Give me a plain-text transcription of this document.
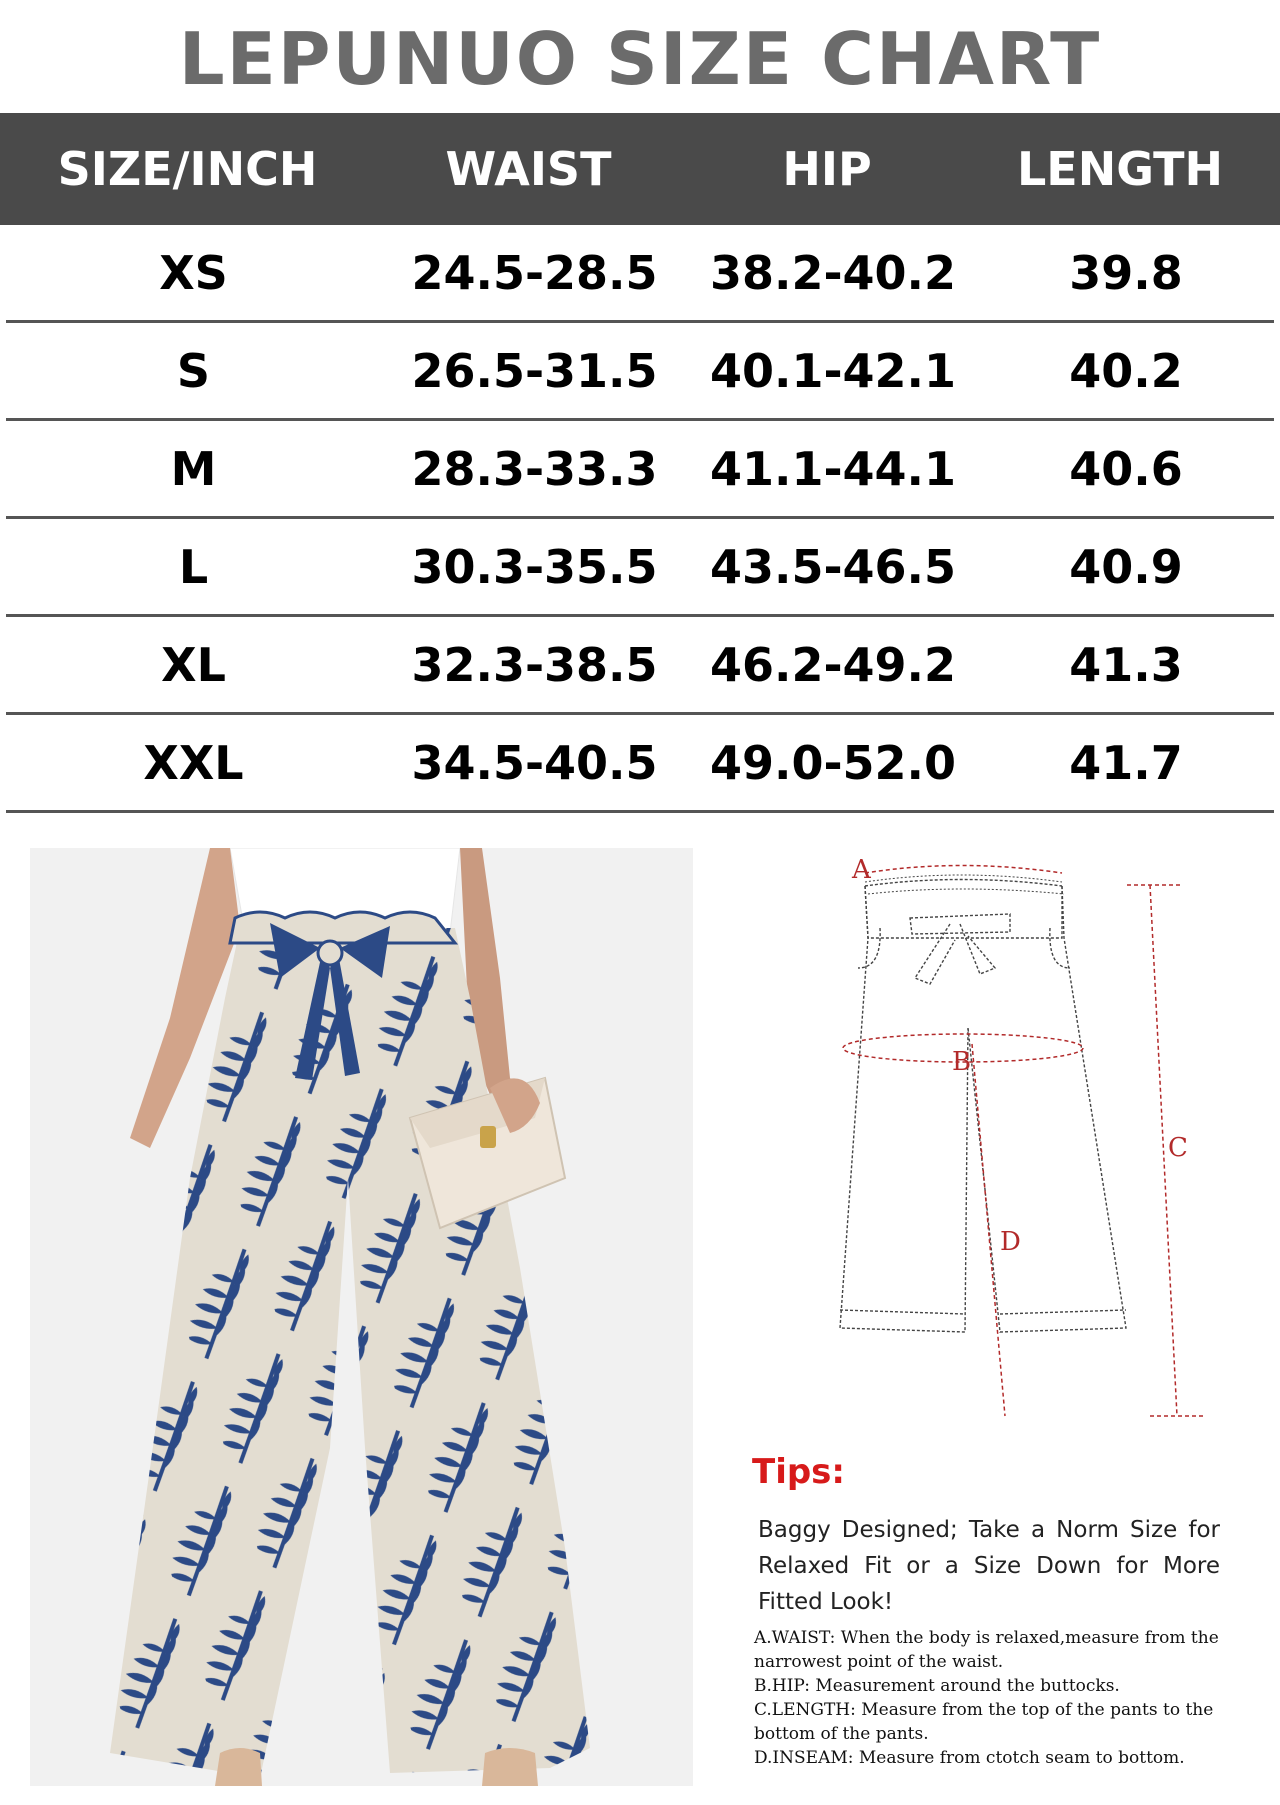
LEPUNUO SIZE CHART
SIZE/INCH	WAIST	HIP	LENGTH
XS	24.5-28.5	38.2-40.2	39.8
S	26.5-31.5	40.1-42.1	40.2
M	28.3-33.3	41.1-44.1	40.6
L	30.3-35.5	43.5-46.5	40.9
XL	32.3-38.5	46.2-49.2	41.3
XXL	34.5-40.5	49.0-52.0	41.7
A
B
C
D
Tips:
Baggy Designed; Take a Norm Size for Relaxed Fit or a Size Down for More Fitted Look!

A.WAIST: When the body is relaxed,measure from the narrowest point of the waist.

B.HIP: Measurement around the buttocks.

C.LENGTH: Measure from the top of the pants to the bottom of the pants.

D.INSEAM: Measure from ctotch seam to bottom.
